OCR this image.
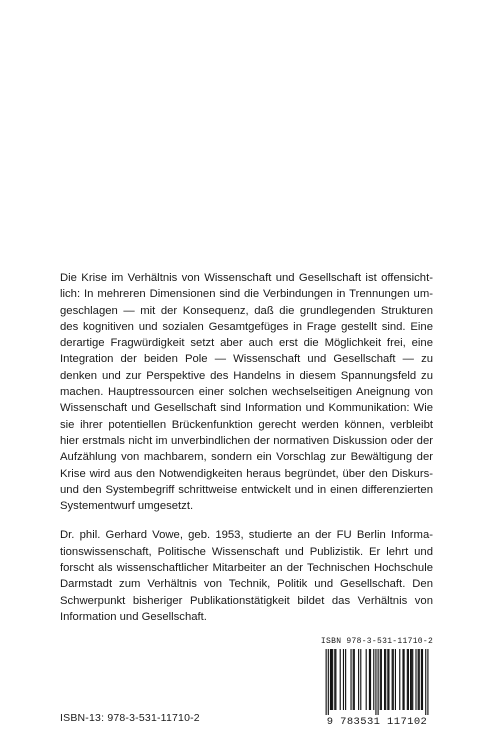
Die Krise im Verhältnis von Wissenschaft und Gesellschaft ist offensichtlich: In mehreren Dimensionen sind die Verbindungen in Trennungen umgeschlagen — mit der Konsequenz, daß die grundlegenden Strukturen des kognitiven und sozialen Gesamtgefüges in Frage gestellt sind. Eine derartige Fragwürdigkeit setzt aber auch erst die Möglichkeit frei, eine Integration der beiden Pole — Wissenschaft und Gesellschaft — zu denken und zur Perspektive des Handelns in diesem Spannungsfeld zu machen. Hauptressourcen einer solchen wechselseitigen Aneignung von Wissenschaft und Gesellschaft sind Information und Kommunikation: Wie sie ihrer potentiellen Brückenfunktion gerecht werden können, verbleibt hier erstmals nicht im unverbindlichen der normativen Diskussion oder der Aufzählung von machbarem, sondern ein Vorschlag zur Bewältigung der Krise wird aus den Notwendigkeiten heraus begründet, über den Diskurs- und den Systembegriff schrittweise entwickelt und in einen differenzierten Systementwurf umgesetzt.

Dr. phil. Gerhard Vowe, geb. 1953, studierte an der FU Berlin Informationswissenschaft, Politische Wissenschaft und Publizistik. Er lehrt und forscht als wissenschaftlicher Mitarbeiter an der Technischen Hochschule Darmstadt zum Verhältnis von Technik, Politik und Gesellschaft. Den Schwerpunkt bisheriger Publikationstätigkeit bildet das Verhältnis von Information und Gesellschaft.

ISBN 978-3-531-11710-2
9 783531 117102
ISBN-13: 978-3-531-11710-2
